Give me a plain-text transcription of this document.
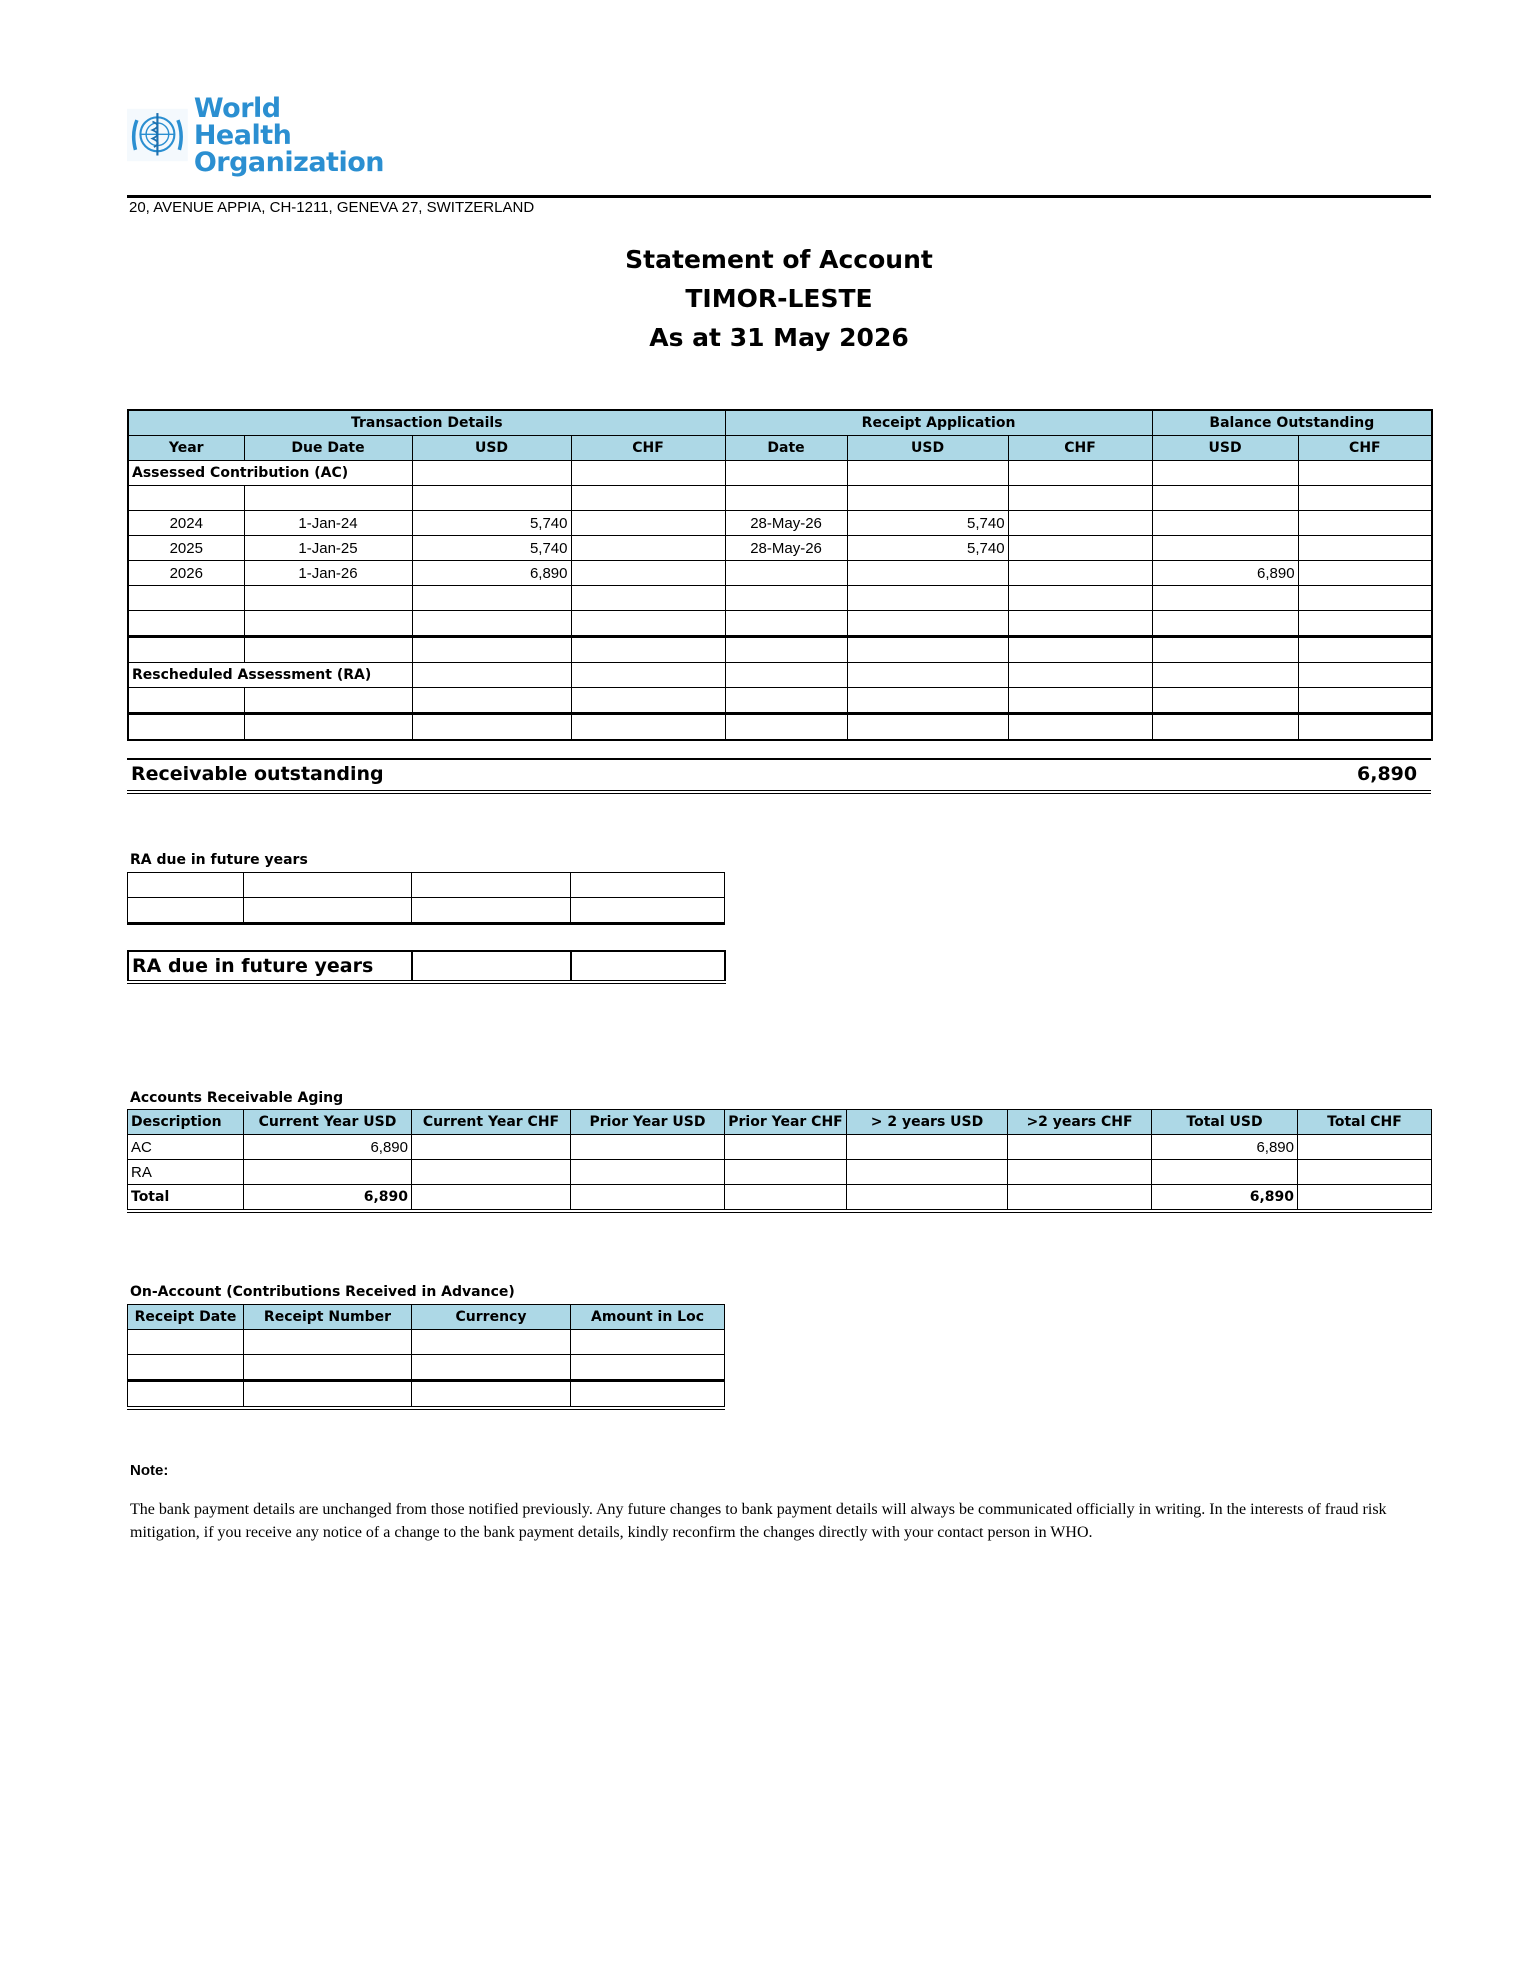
World Health
Organization
20, AVENUE APPIA, CH-1211, GENEVA 27, SWITZERLAND
Statement of Account
TIMOR-LESTE
As at 31 May 2026
Transaction Details				Receipt Application			Balance Outstanding	
Year	Due Date	USD	CHF	Date	USD	CHF	USD	CHF
Assessed Contribution (AC)								

2024	1-Jan-24	5,740		28-May-26	5,740			
2025	1-Jan-25	5,740		28-May-26	5,740			
2026	1-Jan-26	6,890					6,890	

Rescheduled Assessment (RA)								

Receivable outstanding	6,890
RA due in future years

RA due in future years		
Accounts Receivable Aging
Description	Current Year USD	Current Year CHF	Prior Year USD	Prior Year CHF	> 2 years USD	>2 years CHF	Total USD	Total CHF
AC	6,890						6,890	
RA								
Total	6,890						6,890	
On-Account (Contributions Received in Advance)
Receipt Date	Receipt Number	Currency	Amount in Loc

Note:
The bank payment details are unchanged from those notified previously. Any future changes to bank payment details will always be communicated officially in writing. In the interests of fraud risk mitigation, if you receive any notice of a change to the bank payment details, kindly reconfirm the changes directly with your contact person in WHO.
